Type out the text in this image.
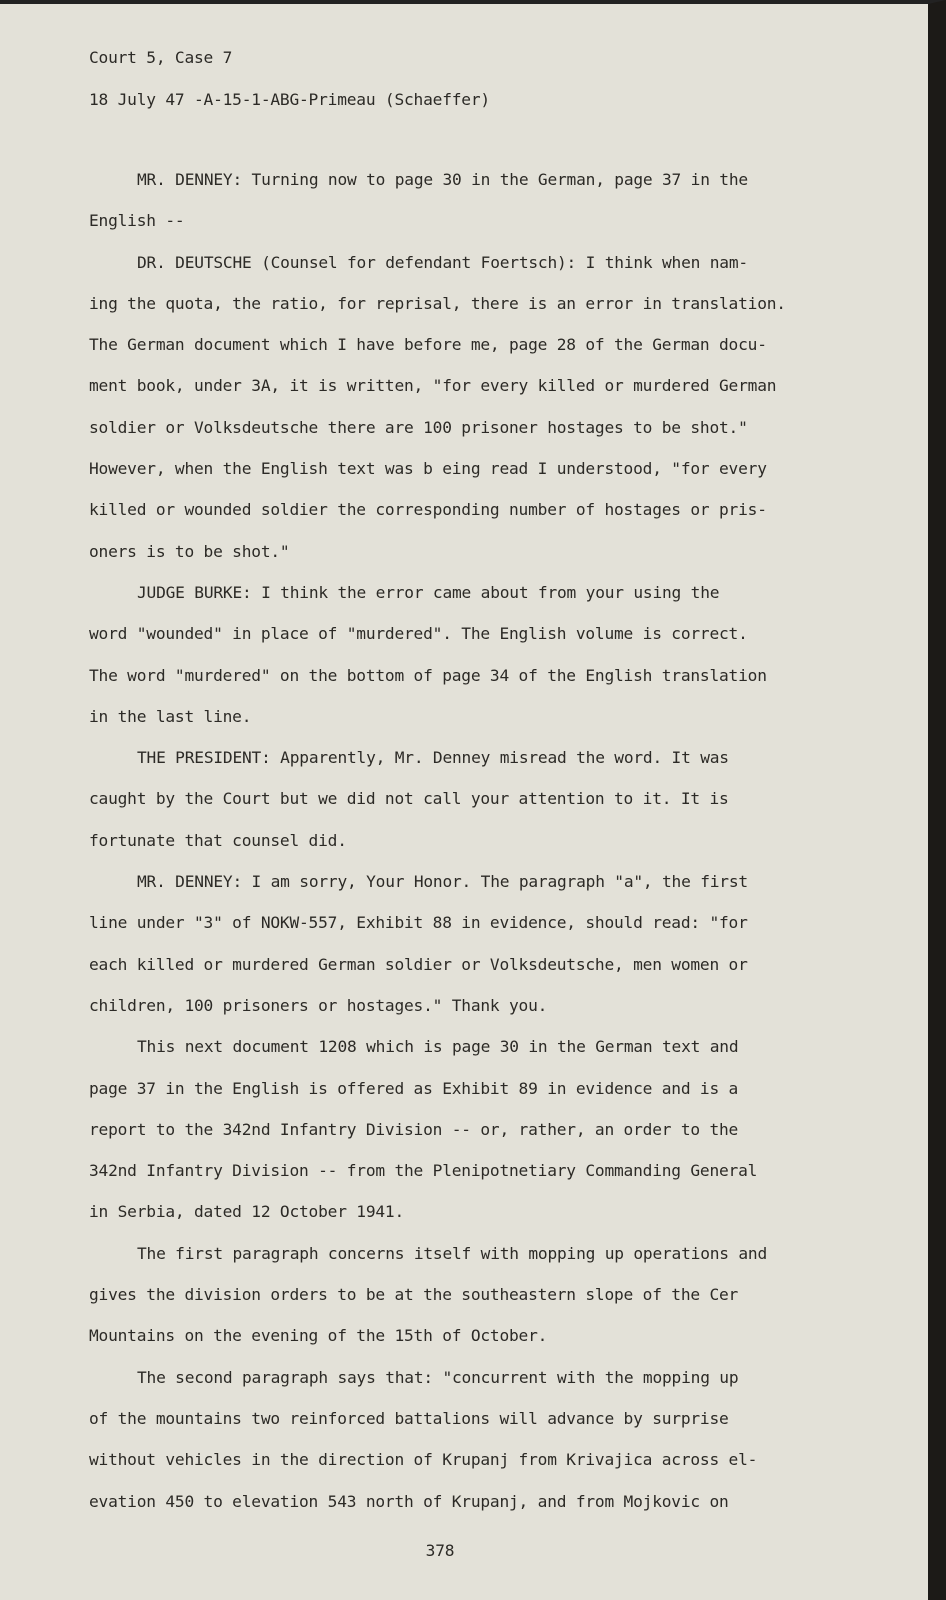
Court 5, Case 7
18 July 47 -A-15-1-ABG-Primeau (Schaeffer)
MR. DENNEY: Turning now to page 30 in the German, page 37 in the
English --
DR. DEUTSCHE (Counsel for defendant Foertsch): I think when nam-
ing the quota, the ratio, for reprisal, there is an error in translation.
The German document which I have before me, page 28 of the German docu-
ment book, under 3A, it is written, "for every killed or murdered German
soldier or Volksdeutsche there are 100 prisoner hostages to be shot."
However, when the English text was b eing read I understood, "for every
killed or wounded soldier the corresponding number of hostages or pris-
oners is to be shot."
JUDGE BURKE: I think the error came about from your using the
word "wounded" in place of "murdered". The English volume is correct.
The word "murdered" on the bottom of page 34 of the English translation
in the last line.
THE PRESIDENT: Apparently, Mr. Denney misread the word. It was
caught by the Court but we did not call your attention to it. It is
fortunate that counsel did.
MR. DENNEY: I am sorry, Your Honor. The paragraph "a", the first
line under "3" of NOKW-557, Exhibit 88 in evidence, should read: "for
each killed or murdered German soldier or Volksdeutsche, men women or
children, 100 prisoners or hostages." Thank you.
This next document 1208 which is page 30 in the German text and
page 37 in the English is offered as Exhibit 89 in evidence and is a
report to the 342nd Infantry Division -- or, rather, an order to the
342nd Infantry Division -- from the Plenipotnetiary Commanding General
in Serbia, dated 12 October 1941.
The first paragraph concerns itself with mopping up operations and
gives the division orders to be at the southeastern slope of the Cer
Mountains on the evening of the 15th of October.
The second paragraph says that: "concurrent with the mopping up
of the mountains two reinforced battalions will advance by surprise
without vehicles in the direction of Krupanj from Krivajica across el-
evation 450 to elevation 543 north of Krupanj, and from Mojkovic on
378
